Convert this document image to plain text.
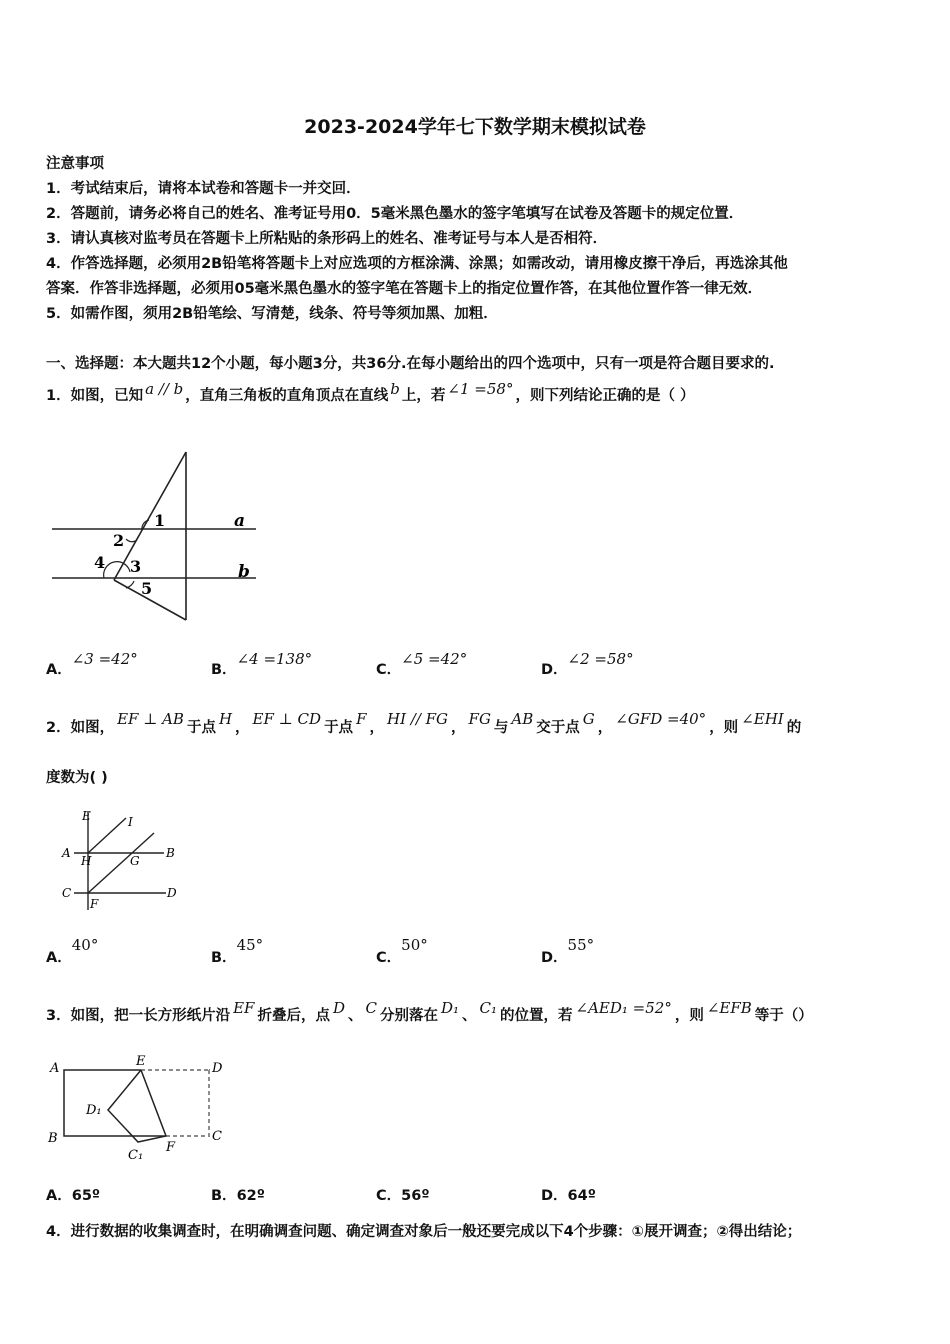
2023-2024学年七下数学期末模拟试卷
注意事项
1．考试结束后，请将本试卷和答题卡一并交回．
2．答题前，请务必将自己的姓名、准考证号用0．5毫米黑色墨水的签字笔填写在试卷及答题卡的规定位置．
3．请认真核对监考员在答题卡上所粘贴的条形码上的姓名、准考证号与本人是否相符．
4．作答选择题，必须用2B铅笔将答题卡上对应选项的方框涂满、涂黑；如需改动，请用橡皮擦干净后，再选涂其他
答案．作答非选择题，必须用05毫米黑色墨水的签字笔在答题卡上的指定位置作答，在其他位置作答一律无效．
5．如需作图，须用2B铅笔绘、写清楚，线条、符号等须加黑、加粗．
一、选择题：本大题共12个小题，每小题3分，共36分.在每小题给出的四个选项中，只有一项是符合题目要求的.
1．如图，已知 a // b ，直角三角板的直角顶点在直线 b 上，若 ∠1 =58° ，则下列结论正确的是（ ）
1
2
3
4
5
a
b
A．∠3 =42°
B．∠4 =138°
C．∠5 =42°
D．∠2 =58°
2．如图， EF ⊥ AB 于点 H ， EF ⊥ CD 于点 F ， HI // FG ， FG 与 AB 交于点 G ， ∠GFD =40° ，则 ∠EHI 的
度数为( )
E	I
A
H	G
B
C
F
D
A．40°
B．45°
C．50°
D．55°
3．如图，把一长方形纸片沿 EF 折叠后，点 D 、 C 分别落在 D₁ 、 C₁ 的位置，若 ∠AED₁ =52° ，则 ∠EFB 等于（）
A	E	D
D₁
B
C₁
F
C
A．65º	B．62º	C．56º	D．64º
4．进行数据的收集调查时，在明确调查问题、确定调查对象后一般还要完成以下4个步骤：①展开调查；②得出结论；
